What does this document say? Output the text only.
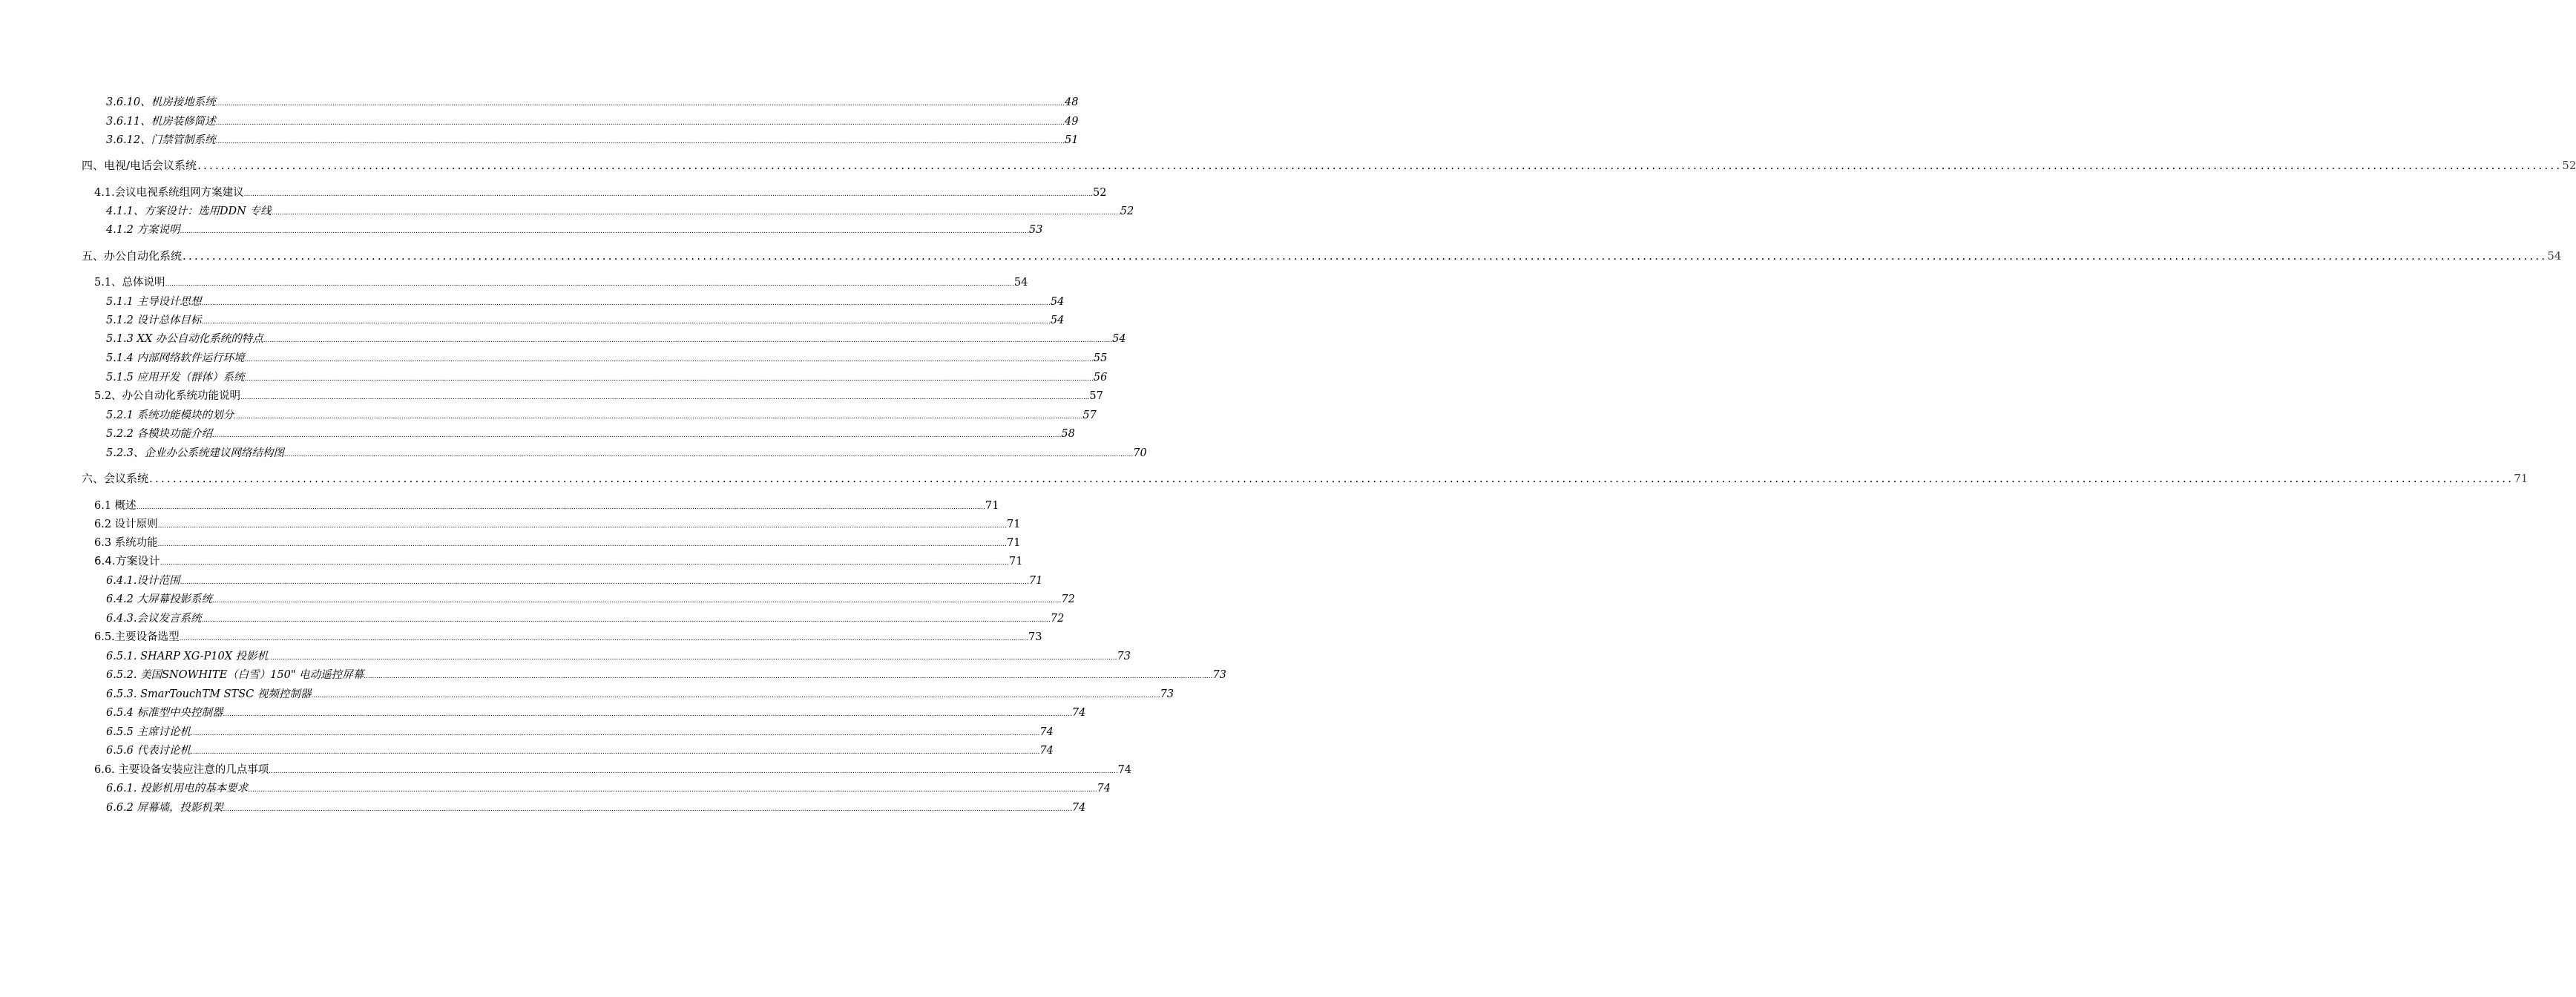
3.6.10、机房接地系统 ................................................................................................................................................................................................................................................................................................................................................................................................................ 48
3.6.11、机房装修简述 ................................................................................................................................................................................................................................................................................................................................................................................................................ 49
3.6.12、门禁管制系统 ................................................................................................................................................................................................................................................................................................................................................................................................................ 51
四、电视/电话会议系统 ................................................................................................................................................................................................................................................................................................................................................................................................................ 52
4.1.会议电视系统组网方案建议 ................................................................................................................................................................................................................................................................................................................................................................................................................ 52
4.1.1、方案设计：选用DDN 专线 ................................................................................................................................................................................................................................................................................................................................................................................................................ 52
4.1.2 方案说明 ................................................................................................................................................................................................................................................................................................................................................................................................................ 53
五、办公自动化系统 ................................................................................................................................................................................................................................................................................................................................................................................................................ 54
5.1、总体说明 ................................................................................................................................................................................................................................................................................................................................................................................................................ 54
5.1.1 主导设计思想 ................................................................................................................................................................................................................................................................................................................................................................................................................ 54
5.1.2 设计总体目标 ................................................................................................................................................................................................................................................................................................................................................................................................................ 54
5.1.3 XX 办公自动化系统的特点 ................................................................................................................................................................................................................................................................................................................................................................................................................ 54
5.1.4 内部网络软件运行环境 ................................................................................................................................................................................................................................................................................................................................................................................................................ 55
5.1.5 应用开发（群体）系统 ................................................................................................................................................................................................................................................................................................................................................................................................................ 56
5.2、办公自动化系统功能说明 ................................................................................................................................................................................................................................................................................................................................................................................................................ 57
5.2.1 系统功能模块的划分 ................................................................................................................................................................................................................................................................................................................................................................................................................ 57
5.2.2 各模块功能介绍 ................................................................................................................................................................................................................................................................................................................................................................................................................ 58
5.2.3、企业办公系统建议网络结构图 ................................................................................................................................................................................................................................................................................................................................................................................................................ 70
六、会议系统 ................................................................................................................................................................................................................................................................................................................................................................................................................ 71
6.1 概述 ................................................................................................................................................................................................................................................................................................................................................................................................................ 71
6.2 设计原则 ................................................................................................................................................................................................................................................................................................................................................................................................................ 71
6.3 系统功能 ................................................................................................................................................................................................................................................................................................................................................................................................................ 71
6.4.方案设计 ................................................................................................................................................................................................................................................................................................................................................................................................................ 71
6.4.1.设计范围 ................................................................................................................................................................................................................................................................................................................................................................................................................ 71
6.4.2 大屏幕投影系统 ................................................................................................................................................................................................................................................................................................................................................................................................................ 72
6.4.3.会议发言系统 ................................................................................................................................................................................................................................................................................................................................................................................................................ 72
6.5.主要设备选型 ................................................................................................................................................................................................................................................................................................................................................................................................................ 73
6.5.1. SHARP XG-P10X 投影机 ................................................................................................................................................................................................................................................................................................................................................................................................................ 73
6.5.2. 美国SNOWHITE（白雪）150" 电动遥控屏幕 ................................................................................................................................................................................................................................................................................................................................................................................................................ 73
6.5.3. SmarTouchTM STSC 视频控制器 ................................................................................................................................................................................................................................................................................................................................................................................................................ 73
6.5.4 标准型中央控制器 ................................................................................................................................................................................................................................................................................................................................................................................................................ 74
6.5.5 主席讨论机 ................................................................................................................................................................................................................................................................................................................................................................................................................ 74
6.5.6 代表讨论机 ................................................................................................................................................................................................................................................................................................................................................................................................................ 74
6.6. 主要设备安装应注意的几点事项 ................................................................................................................................................................................................................................................................................................................................................................................................................ 74
6.6.1. 投影机用电的基本要求 ................................................................................................................................................................................................................................................................................................................................................................................................................ 74
6.6.2 屏幕墙，投影机架 ................................................................................................................................................................................................................................................................................................................................................................................................................ 74
